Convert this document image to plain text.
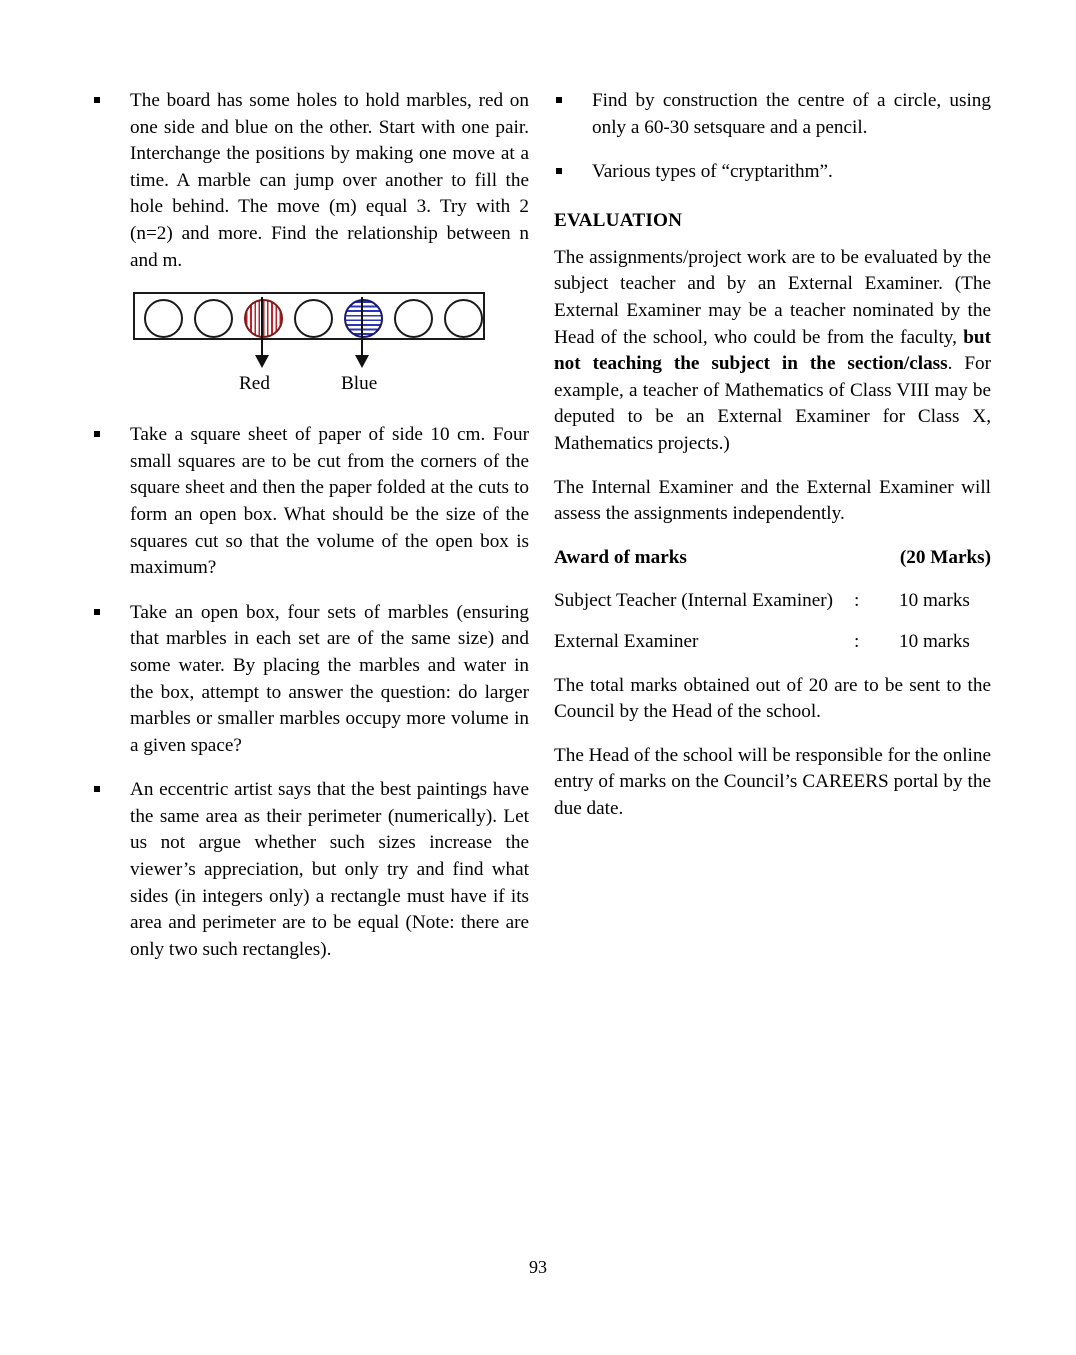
The board has some holes to hold marbles, red on one side and blue on the other. Start with one pair. Interchange the positions by making one move at a time. A marble can jump over another to fill the hole behind. The move (m) equal 3. Try with 2 (n=2) and more. Find the relationship between n and m.
Red	Blue
Take a square sheet of paper of side 10 cm. Four small squares are to be cut from the corners of the square sheet and then the paper folded at the cuts to form an open box. What should be the size of the squares cut so that the volume of the open box is maximum?
Take an open box, four sets of marbles (ensuring that marbles in each set are of the same size) and some water. By placing the marbles and water in the box, attempt to answer the question: do larger marbles or smaller marbles occupy more volume in a given space?
An eccentric artist says that the best paintings have the same area as their perimeter (numerically). Let us not argue whether such sizes increase the viewer’s appreciation, but only try and find what sides (in integers only) a rectangle must have if its area and perimeter are to be equal (Note: there are only two such rectangles).
Find by construction the centre of a circle, using only a 60-30 setsquare and a pencil.
Various types of “cryptarithm”.
EVALUATION

The assignments/project work are to be evaluated by the subject teacher and by an External Examiner. (The External Examiner may be a teacher nominated by the Head of the school, who could be from the faculty, but not teaching the subject in the section/class. For example, a teacher of Mathematics of Class VIII may be deputed to be an External Examiner for Class X, Mathematics projects.)

The Internal Examiner and the External Examiner will assess the assignments independently.

Award of marks	(20 Marks)
Subject Teacher (Internal Examiner)	:	10 marks
External Examiner	:	10 marks

The total marks obtained out of 20 are to be sent to the Council by the Head of the school.

The Head of the school will be responsible for the online entry of marks on the Council’s CAREERS portal by the due date.

93
